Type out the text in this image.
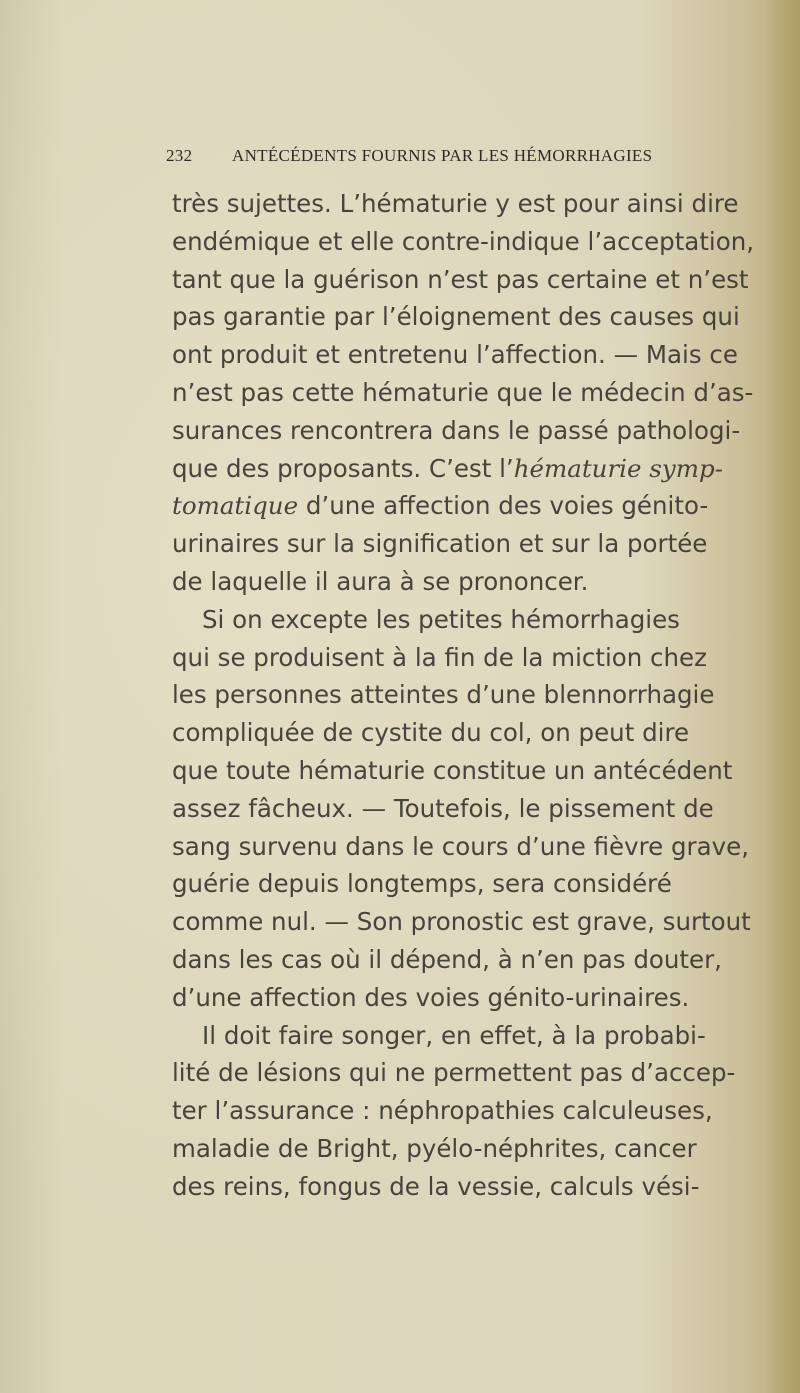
232 ANTÉCÉDENTS FOURNIS PAR LES HÉMORRHAGIES
très sujettes. L’hématurie y est pour ainsi dire
endémique et elle contre-indique l’acceptation,
tant que la guérison n’est pas certaine et n’est
pas garantie par l’éloignement des causes qui
ont produit et entretenu l’affection. — Mais ce
n’est pas cette hématurie que le médecin d’as-
surances rencontrera dans le passé pathologi-
que des proposants. C’est l’ hématurie symp-
tomatique d’une affection des voies génito-
urinaires sur la signification et sur la portée
de laquelle il aura à se prononcer.
Si on excepte les petites hémorrhagies
qui se produisent à la fin de la miction chez
les personnes atteintes d’une blennorrhagie
compliquée de cystite du col, on peut dire
que toute hématurie constitue un antécédent
assez fâcheux. — Toutefois, le pissement de
sang survenu dans le cours d’une fièvre grave,
guérie depuis longtemps, sera considéré
comme nul. — Son pronostic est grave, surtout
dans les cas où il dépend, à n’en pas douter,
d’une affection des voies génito-urinaires.
Il doit faire songer, en effet, à la probabi-
lité de lésions qui ne permettent pas d’accep-
ter l’assurance : néphropathies calculeuses,
maladie de Bright, pyélo-néphrites, cancer
des reins, fongus de la vessie, calculs vési-
